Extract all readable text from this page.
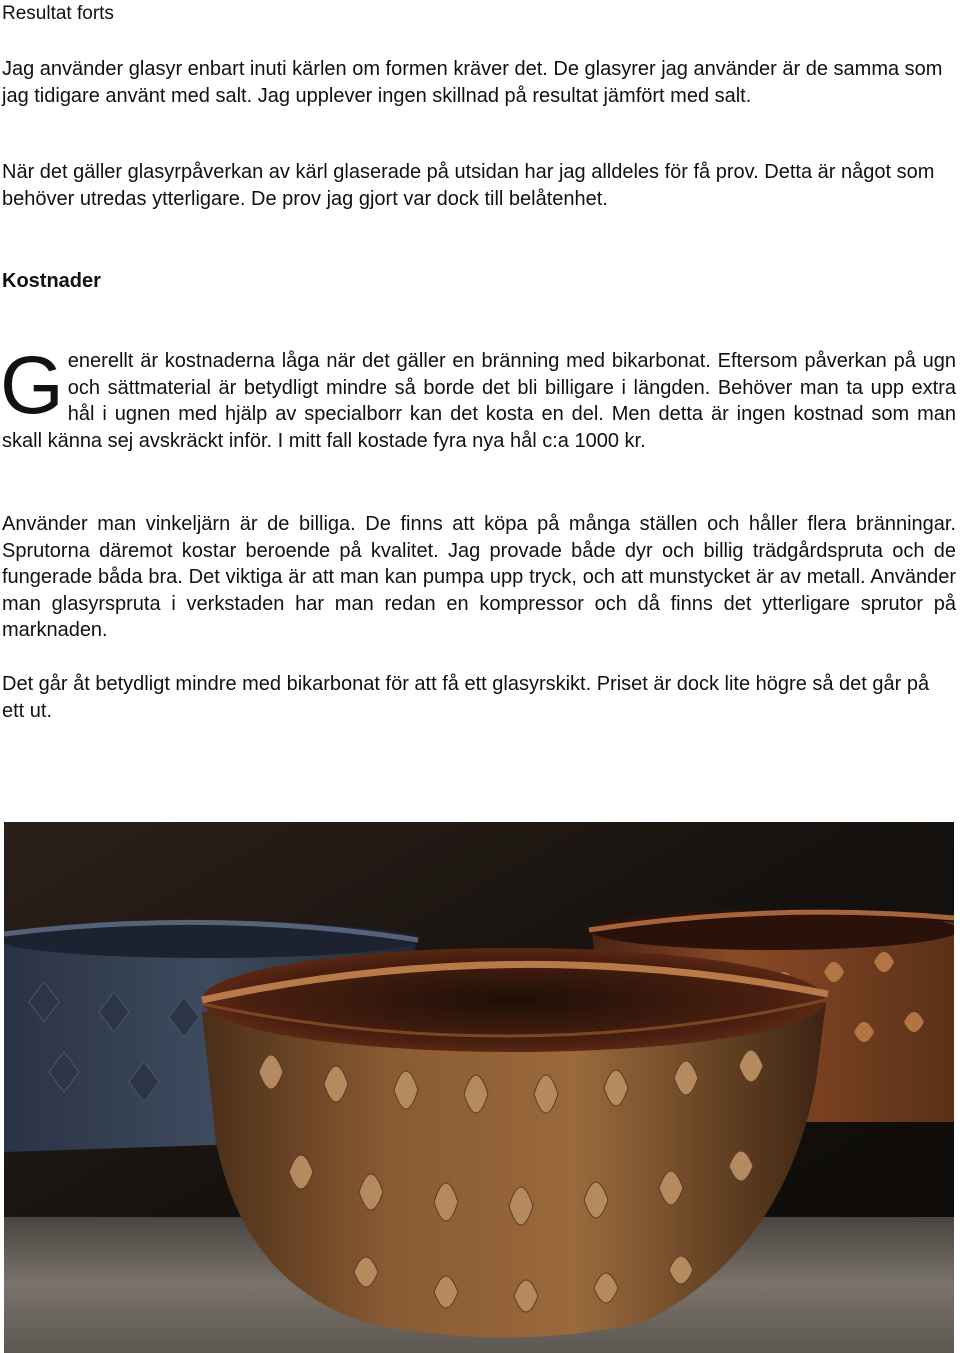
Resultat forts

Jag använder glasyr enbart inuti kärlen om formen kräver det. De glasyrer jag använder är de samma som jag tidigare använt med salt. Jag upplever ingen skillnad på resultat jämfört med salt.

När det gäller glasyrpåverkan av kärl glaserade på utsidan har jag alldeles för få prov. Detta är något som behöver utredas ytterligare. De prov jag gjort var dock till belåtenhet.

Kostnader

Generellt är kostnaderna låga när det gäller en bränning med bikarbonat. Eftersom påverkan på ugn och sättmaterial är betydligt mindre så borde det bli billigare i längden. Behöver man ta upp extra hål i ugnen med hjälp av specialborr kan det kosta en del. Men detta är ingen kostnad som man skall känna sej avskräckt inför. I mitt fall kostade fyra nya hål c:a 1000 kr.

Använder man vinkeljärn är de billiga. De finns att köpa på många ställen och håller flera bränningar. Sprutorna däremot kostar beroende på kvalitet. Jag provade både dyr och billig trädgårdspruta och de fungerade båda bra. Det viktiga är att man kan pumpa upp tryck, och att munstycket är av metall. Använder man glasyrspruta i verkstaden har man redan en kompressor och då finns det ytterligare sprutor på marknaden.

Det går åt betydligt mindre med bikarbonat för att få ett glasyrskikt. Priset är dock lite högre så det går på ett ut.
